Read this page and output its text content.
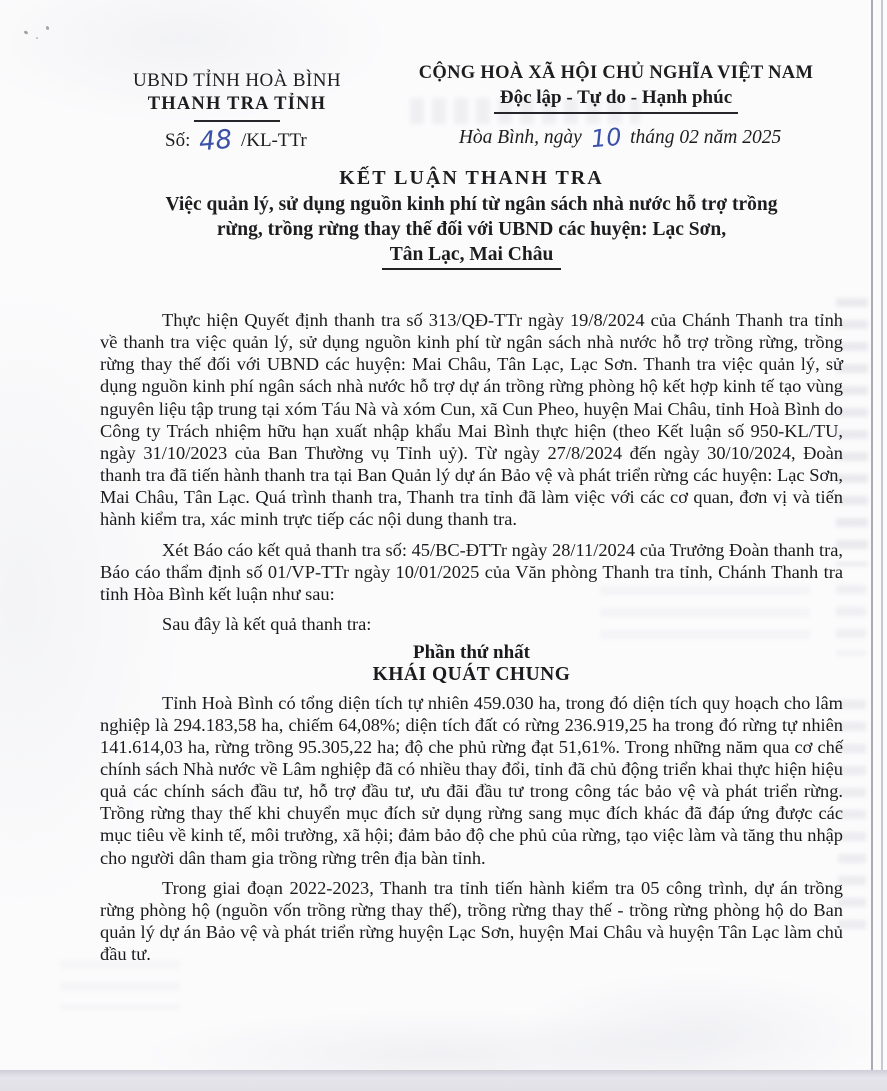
UBND TỈNH HOÀ BÌNH
THANH TRA TỈNH
CỘNG HOÀ XÃ HỘI CHỦ NGHĨA VIỆT NAM
Độc lập - Tự do - Hạnh phúc
Số: 48 /KL-TTr	Hòa Bình, ngày 10 tháng 02 năm 2025
KẾT LUẬN THANH TRA
Việc quản lý, sử dụng nguồn kinh phí từ ngân sách nhà nước hỗ trợ trồng
rừng, trồng rừng thay thế đối với UBND các huyện: Lạc Sơn,
Tân Lạc, Mai Châu

Thực hiện Quyết định thanh tra số 313/QĐ-TTr ngày 19/8/2024 của Chánh Thanh tra tỉnh về thanh tra việc quản lý, sử dụng nguồn kinh phí từ ngân sách nhà nước hỗ trợ trồng rừng, trồng rừng thay thế đối với UBND các huyện: Mai Châu, Tân Lạc, Lạc Sơn. Thanh tra việc quản lý, sử dụng nguồn kinh phí ngân sách nhà nước hỗ trợ dự án trồng rừng phòng hộ kết hợp kinh tế tạo vùng nguyên liệu tập trung tại xóm Táu Nà và xóm Cun, xã Cun Pheo, huyện Mai Châu, tỉnh Hoà Bình do Công ty Trách nhiệm hữu hạn xuất nhập khẩu Mai Bình thực hiện (theo Kết luận số 950-KL/TU, ngày 31/10/2023 của Ban Thường vụ Tỉnh uỷ). Từ ngày 27/8/2024 đến ngày 30/10/2024, Đoàn thanh tra đã tiến hành thanh tra tại Ban Quản lý dự án Bảo vệ và phát triển rừng các huyện: Lạc Sơn, Mai Châu, Tân Lạc. Quá trình thanh tra, Thanh tra tỉnh đã làm việc với các cơ quan, đơn vị và tiến hành kiểm tra, xác minh trực tiếp các nội dung thanh tra.

Xét Báo cáo kết quả thanh tra số: 45/BC-ĐTTr ngày 28/11/2024 của Trưởng Đoàn thanh tra, Báo cáo thẩm định số 01/VP-TTr ngày 10/01/2025 của Văn phòng Thanh tra tỉnh, Chánh Thanh tra tỉnh Hòa Bình kết luận như sau:

Sau đây là kết quả thanh tra:
Phần thứ nhất
KHÁI QUÁT CHUNG

Tỉnh Hoà Bình có tổng diện tích tự nhiên 459.030 ha, trong đó diện tích quy hoạch cho lâm nghiệp là 294.183,58 ha, chiếm 64,08%; diện tích đất có rừng 236.919,25 ha trong đó rừng tự nhiên 141.614,03 ha, rừng trồng 95.305,22 ha; độ che phủ rừng đạt 51,61%. Trong những năm qua cơ chế chính sách Nhà nước về Lâm nghiệp đã có nhiều thay đổi, tỉnh đã chủ động triển khai thực hiện hiệu quả các chính sách đầu tư, hỗ trợ đầu tư, ưu đãi đầu tư trong công tác bảo vệ và phát triển rừng. Trồng rừng thay thế khi chuyển mục đích sử dụng rừng sang mục đích khác đã đáp ứng được các mục tiêu về kinh tế, môi trường, xã hội; đảm bảo độ che phủ của rừng, tạo việc làm và tăng thu nhập cho người dân tham gia trồng rừng trên địa bàn tỉnh.

Trong giai đoạn 2022-2023, Thanh tra tỉnh tiến hành kiểm tra 05 công trình, dự án trồng rừng phòng hộ (nguồn vốn trồng rừng thay thế), trồng rừng thay thế - trồng rừng phòng hộ do Ban quản lý dự án Bảo vệ và phát triển rừng huyện Lạc Sơn, huyện Mai Châu và huyện Tân Lạc làm chủ đầu tư.
